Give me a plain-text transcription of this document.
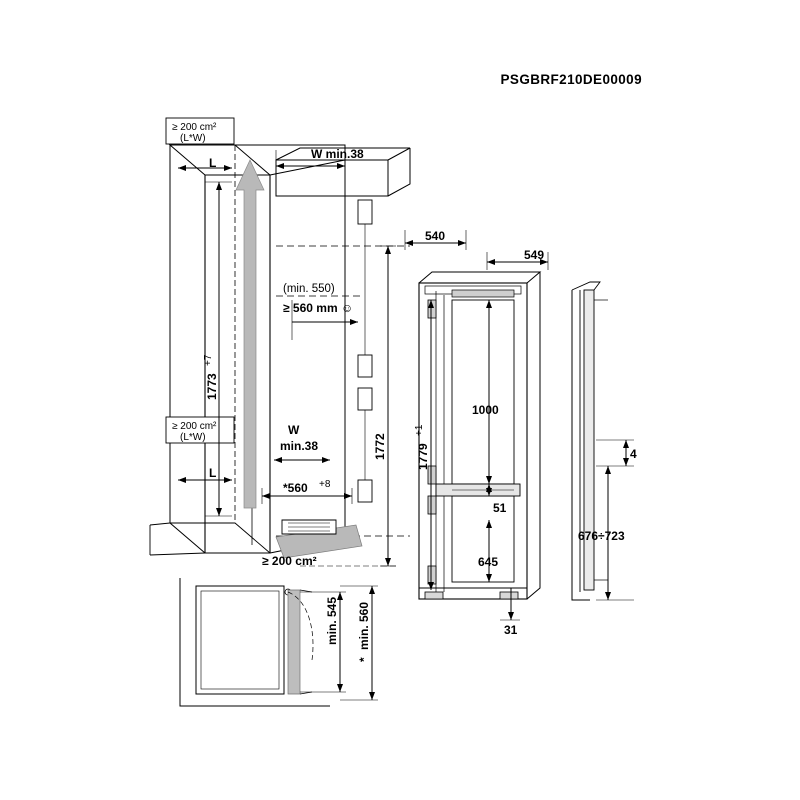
PSGBRF210DE00009
≥ 200 cm²
(L*W)
≥ 200 cm²
(L*W)
≥ 200 cm²
L
L
W min.38
W
min.38
(min. 550)
≥ 560 mm ☺
1773
+7
*560 +8
1772
540
549
1779
+1
1000
51
645
31
4
676÷723
min. 545 min. 560
*
